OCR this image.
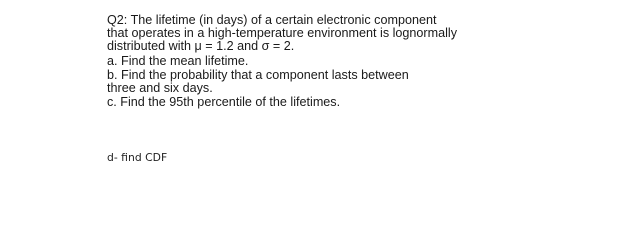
Q2: The lifetime (in days) of a certain electronic component

that operates in a high-temperature environment is lognormally

distributed with μ = 1.2 and σ = 2.

a. Find the mean lifetime.

b. Find the probability that a component lasts between

three and six days.

c. Find the 95th percentile of the lifetimes.

d- find CDF
